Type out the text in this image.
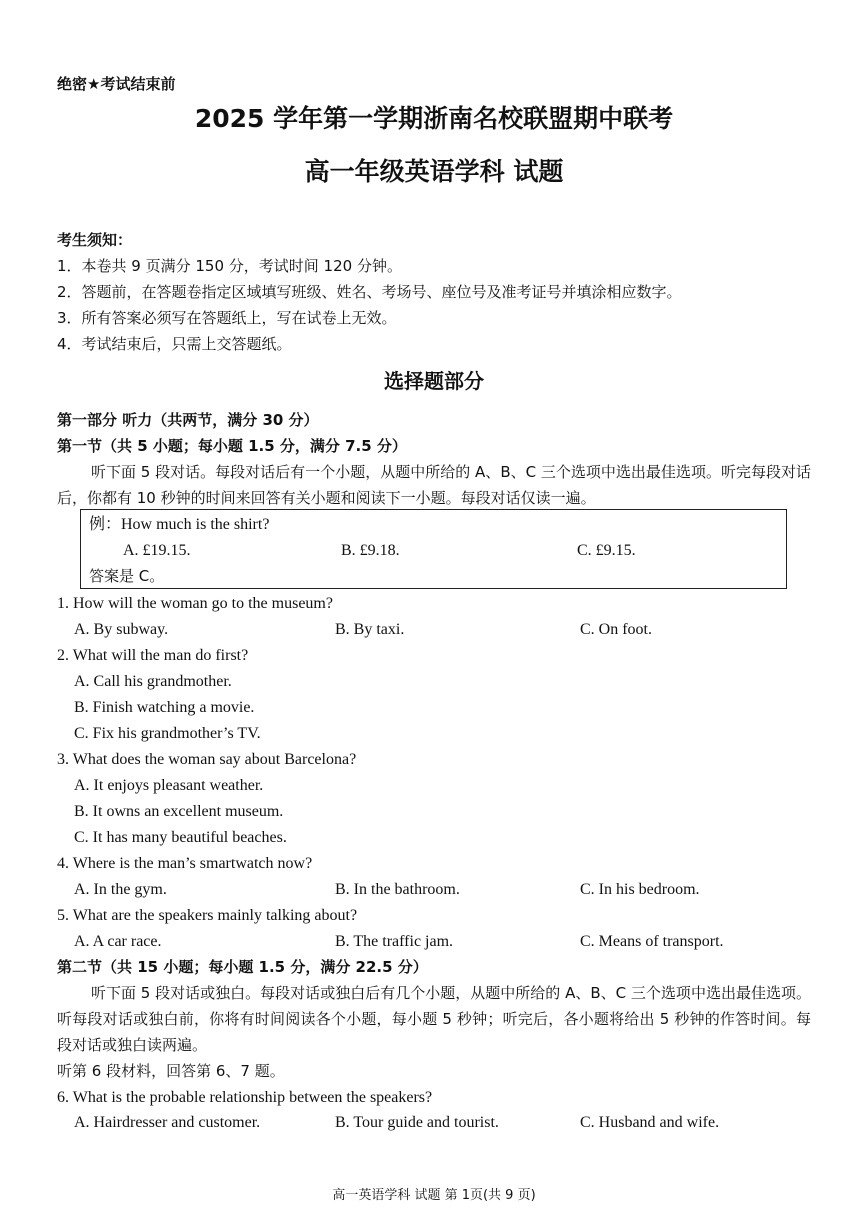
绝密★考试结束前
2025 学年第一学期浙南名校联盟期中联考
高一年级英语学科 试题
考生须知：
1．本卷共 9 页满分 150 分，考试时间 120 分钟。
2．答题前，在答题卷指定区域填写班级、姓名、考场号、座位号及准考证号并填涂相应数字。
3．所有答案必须写在答题纸上，写在试卷上无效。
4．考试结束后，只需上交答题纸。
选择题部分
第一部分 听力（共两节，满分 30 分）
第一节（共 5 小题；每小题 1.5 分，满分 7.5 分）
听下面 5 段对话。每段对话后有一个小题，从题中所给的 A、B、C 三个选项中选出最佳选项。听完每段对话后，你都有 10 秒钟的时间来回答有关小题和阅读下一小题。每段对话仅读一遍。
例：How much is the shirt?
A. £19.15.	B. £9.18.	C. £9.15.
答案是 C。
1. How will the woman go to the museum?
A. By subway.	B. By taxi.	C. On foot.
2. What will the man do first?
A. Call his grandmother.
B. Finish watching a movie.
C. Fix his grandmother’s TV.
3. What does the woman say about Barcelona?
A. It enjoys pleasant weather.
B. It owns an excellent museum.
C. It has many beautiful beaches.
4. Where is the man’s smartwatch now?
A. In the gym.	B. In the bathroom.	C. In his bedroom.
5. What are the speakers mainly talking about?
A. A car race.	B. The traffic jam.	C. Means of transport.
第二节（共 15 小题；每小题 1.5 分，满分 22.5 分）
听下面 5 段对话或独白。每段对话或独白后有几个小题，从题中所给的 A、B、C 三个选项中选出最佳选项。听每段对话或独白前，你将有时间阅读各个小题，每小题 5 秒钟；听完后，各小题将给出 5 秒钟的作答时间。每段对话或独白读两遍。
听第 6 段材料，回答第 6、7 题。
6. What is the probable relationship between the speakers?
A. Hairdresser and customer.	B. Tour guide and tourist.	C. Husband and wife.
高一英语学科 试题 第 1页(共 9 页)
